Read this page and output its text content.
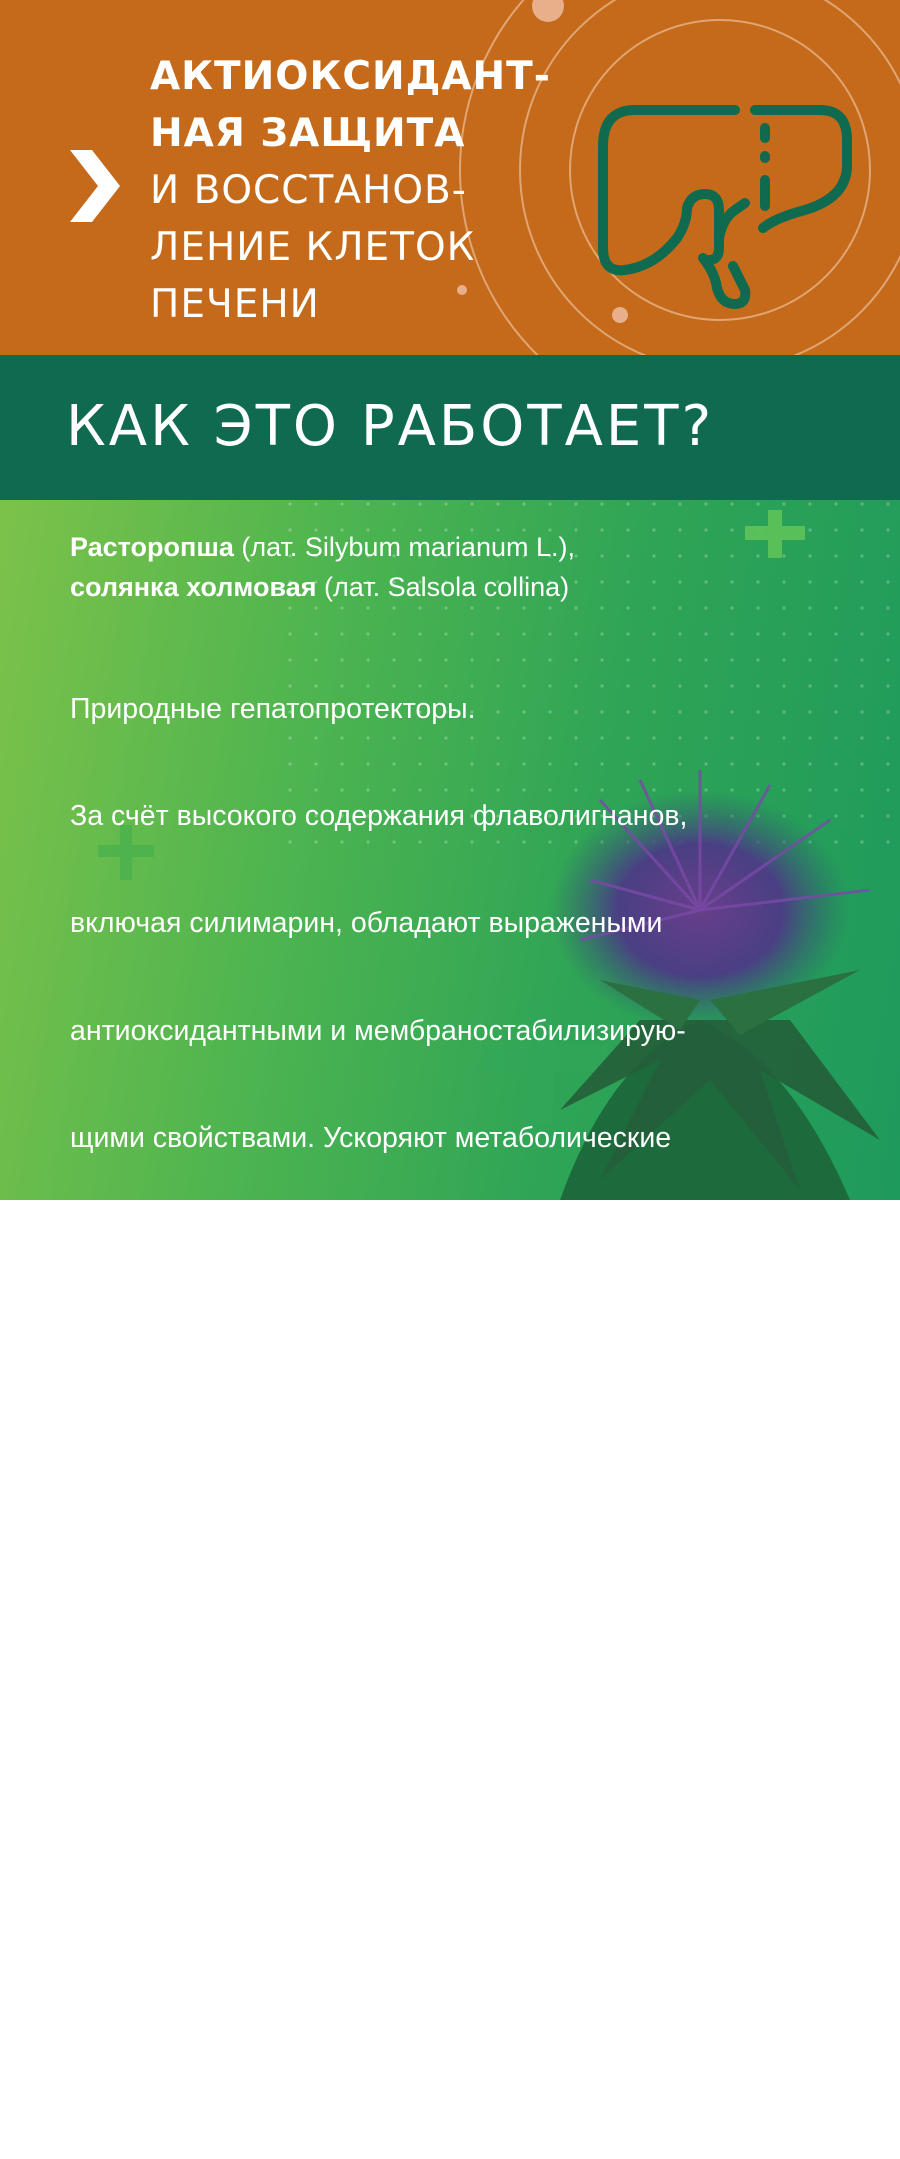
АКТИОКСИДАНТ-
НАЯ ЗАЩИТА
И ВОССТАНОВ-
ЛЕНИЕ КЛЕТОК
ПЕЧЕНИ
КАК ЭТО РАБОТАЕТ?
Расторопша (лат. Silybum marianum L.),
солянка холмовая (лат. Salsola collina)

Природные гепатопротекторы.

За счёт высокого содержания флаволигнанов,

включая силимарин, обладают выражеными

антиоксидантными и мембраностабилизирую-

щими свойствами. Ускоряют метаболические

процессы в печёночной паренхиме,

способствуя восстановлению повреждённых

гепатоцитов. Тормозят проникновение

в клетки печени различных токсинов

и усиливают детоксифицирующие

свойства органа.

Способствуют нормализации

желчеотделения и процессов

обмена веществ.
